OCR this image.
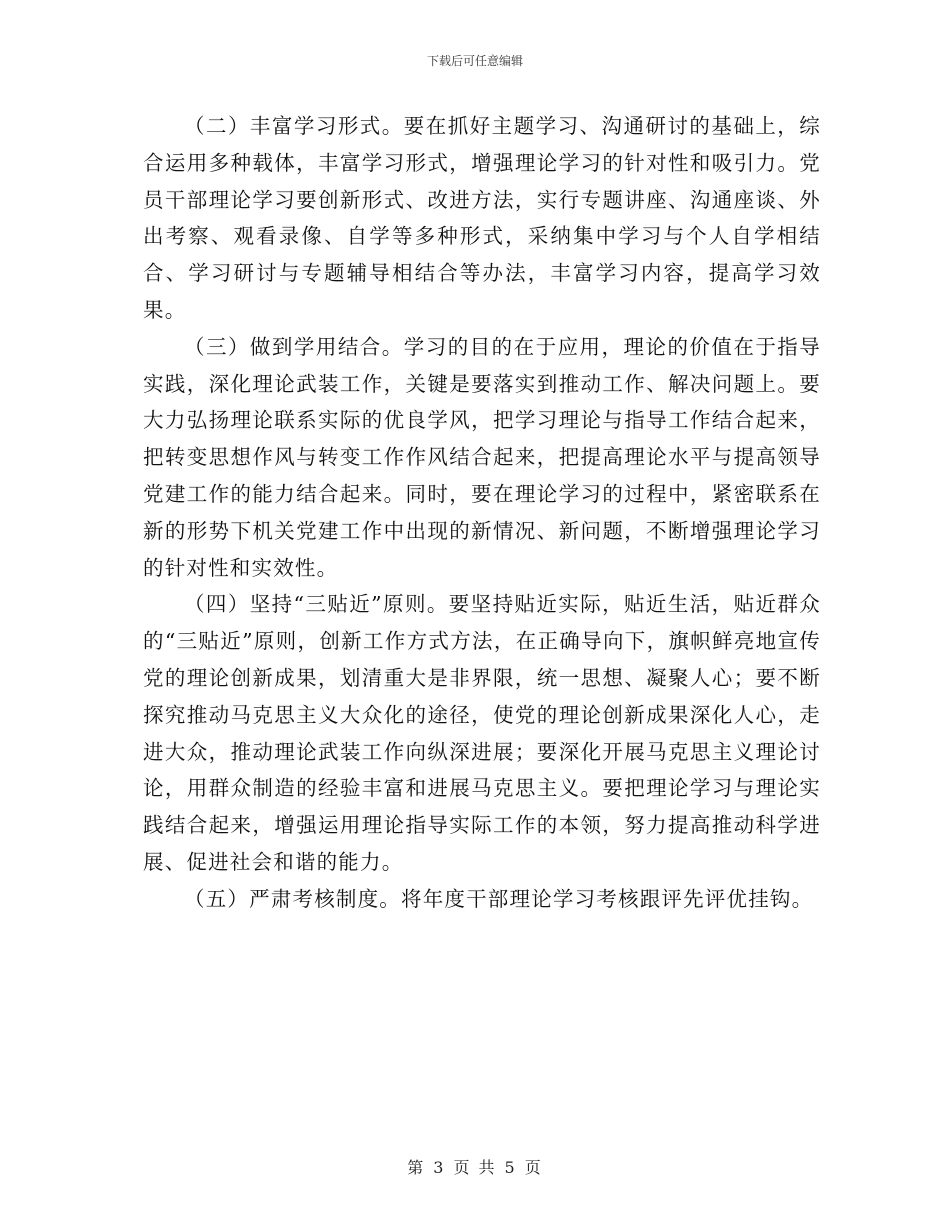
下载后可任意编辑

（二）丰富学习形式。要在抓好主题学习、沟通研讨的基础上，综合运用多种载体，丰富学习形式，增强理论学习的针对性和吸引力。党员干部理论学习要创新形式、改进方法，实行专题讲座、沟通座谈、外出考察、观看录像、自学等多种形式，采纳集中学习与个人自学相结合、学习研讨与专题辅导相结合等办法，丰富学习内容，提高学习效果。

（三）做到学用结合。学习的目的在于应用，理论的价值在于指导实践，深化理论武装工作，关键是要落实到推动工作、解决问题上。要大力弘扬理论联系实际的优良学风，把学习理论与指导工作结合起来，把转变思想作风与转变工作作风结合起来，把提高理论水平与提高领导党建工作的能力结合起来。同时，要在理论学习的过程中，紧密联系在新的形势下机关党建工作中出现的新情况、新问题，不断增强理论学习的针对性和实效性。

（四）坚持“三贴近”原则。要坚持贴近实际，贴近生活，贴近群众的“三贴近”原则，创新工作方式方法，在正确导向下，旗帜鲜亮地宣传党的理论创新成果，划清重大是非界限，统一思想、凝聚人心；要不断探究推动马克思主义大众化的途径，使党的理论创新成果深化人心，走进大众，推动理论武装工作向纵深进展；要深化开展马克思主义理论讨论，用群众制造的经验丰富和进展马克思主义。要把理论学习与理论实践结合起来，增强运用理论指导实际工作的本领，努力提高推动科学进展、促进社会和谐的能力。

（五）严肃考核制度。将年度干部理论学习考核跟评先评优挂钩。

第 3 页 共 5 页
